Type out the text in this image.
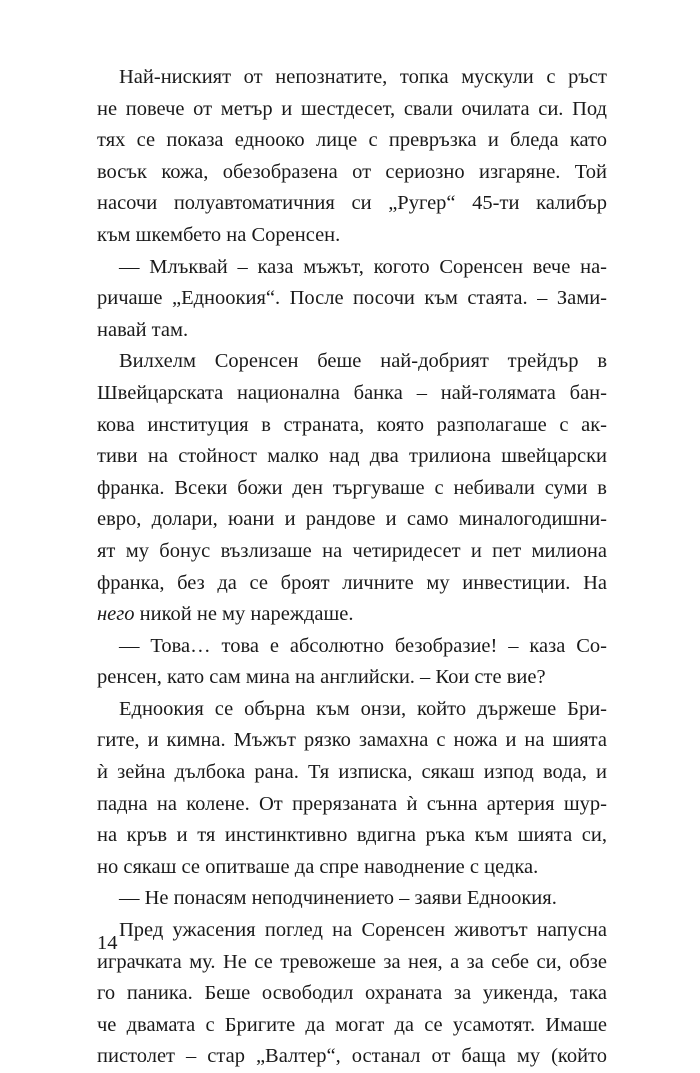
Най-ниският от непознатите, топка мускули с ръст
не повече от метър и шестдесет, свали очилата си. Под
тях се показа едноoко лице с превръзка и бледа като
восък кожа, обезобразена от сериозно изгаряне. Той
насочи полуавтоматичния си „Ругер“ 45-ти калибър
към шкембето на Соренсен.
— Млъквай – каза мъжът, когото Соренсен вече на-
ричаше „Едноокия“. После посочи към стаята. – Зами-
навай там.
Вилхелм Соренсен беше най-добрият трейдър в
Швейцарската национална банка – най-голямата бан-
кова институция в страната, която разполагаше с ак-
тиви на стойност малко над два трилиона швейцарски
франка. Всеки божи ден търгуваше с небивали суми в
евро, долари, юани и рандове и само миналогодишни-
ят му бонус възлизаше на четиридесет и пет милиона
франка, без да се броят личните му инвестиции. На
него никой не му нареждаше.
— Това… това е абсолютно безобразие! – каза Со-
ренсен, като сам мина на английски. – Кои сте вие?
Едноокия се обърна към онзи, който държеше Бри-
гите, и кимна. Мъжът рязко замахна с ножа и на шията
ѝ зейна дълбока рана. Тя изписка, сякаш изпод вода, и
падна на колене. От прерязаната ѝ сънна артерия шур-
на кръв и тя инстинктивно вдигна ръка към шията си,
но сякаш се опитваше да спре наводнение с цедка.
— Не понасям неподчинението – заяви Едноокия.
Пред ужасения поглед на Соренсен животът напусна
играчката му. Не се тревожеше за нея, а за себе си, обзе
го паника. Беше освободил охраната за уикенда, така
че двамата с Бригите да могат да се усамотят. Имаше
пистолет – стар „Валтер“, останал от баща му (който
14
